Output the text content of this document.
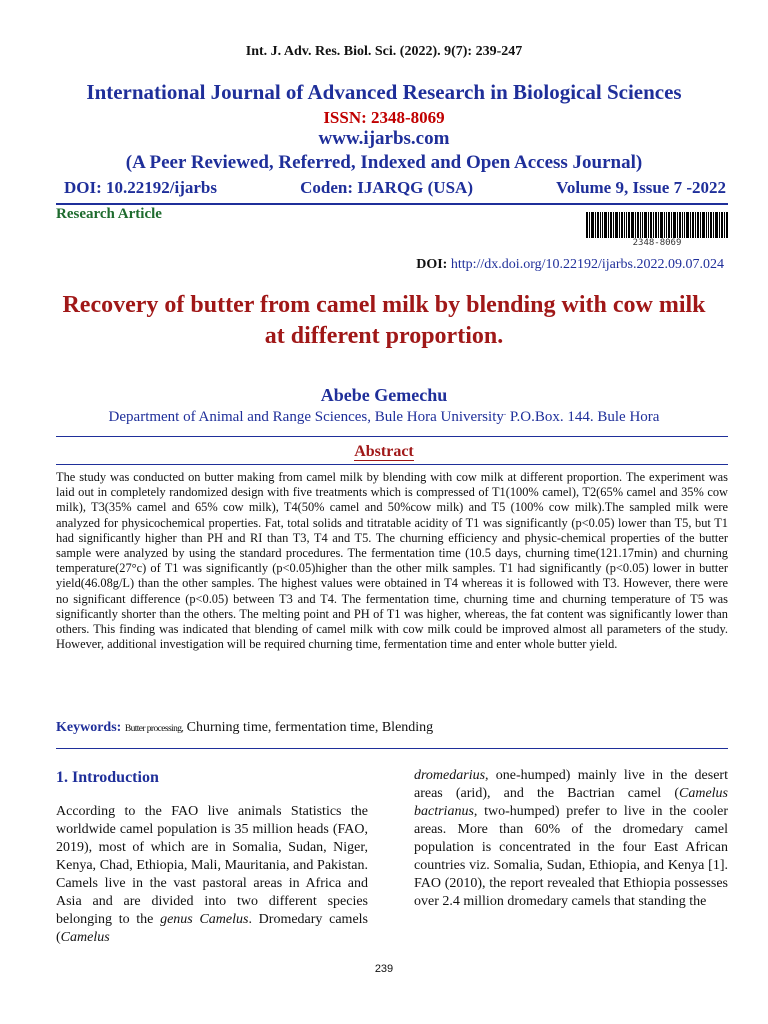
Int. J. Adv. Res. Biol. Sci. (2022). 9(7): 239-247
International Journal of Advanced Research in Biological Sciences
ISSN: 2348-8069
www.ijarbs.com
(A Peer Reviewed, Referred, Indexed and Open Access Journal)
DOI: 10.22192/ijarbs	Coden: IJARQG (USA)	Volume 9, Issue 7 -2022
Research Article
2348-8069
DOI: http://dx.doi.org/10.22192/ijarbs.2022.09.07.024
Recovery of butter from camel milk by blending with cow milk at different proportion.
Abebe Gemechu
Department of Animal and Range Sciences, Bule Hora University. P.O.Box. 144. Bule Hora
Abstract

The study was conducted on butter making from camel milk by blending with cow milk at different proportion. The experiment was laid out in completely randomized design with five treatments which is compressed of T1(100% camel), T2(65% camel and 35% cow milk), T3(35% camel and 65% cow milk), T4(50% camel and 50%cow milk) and T5 (100% cow milk).The sampled milk were analyzed for physicochemical properties. Fat, total solids and titratable acidity of T1 was significantly (p<0.05) lower than T5, but T1 had significantly higher than PH and RI than T3, T4 and T5. The churning efficiency and physic-chemical properties of the butter sample were analyzed by using the standard procedures. The fermentation time (10.5 days, churning time(121.17min) and churning temperature(27°c) of T1 was significantly (p<0.05)higher than the other milk samples. T1 had significantly (p<0.05) lower in butter yield(46.08g/L) than the other samples. The highest values were obtained in T4 whereas it is followed with T3. However, there were no significant difference (p<0.05) between T3 and T4. The fermentation time, churning time and churning temperature of T5 was significantly shorter than the others. The melting point and PH of T1 was higher, whereas, the fat content was significantly lower than others. This finding was indicated that blending of camel milk with cow milk could be improved almost all parameters of the study. However, additional investigation will be required churning time, fermentation time and enter whole butter yield.

Keywords: Butter processing, Churning time, fermentation time, Blending
1. Introduction

According to the FAO live animals Statistics the worldwide camel population is 35 million heads (FAO, 2019), most of which are in Somalia, Sudan, Niger, Kenya, Chad, Ethiopia, Mali, Mauritania, and Pakistan. Camels live in the vast pastoral areas in Africa and Asia and are divided into two different species belonging to the genus Camelus. Dromedary camels (Camelus

dromedarius, one-humped) mainly live in the desert areas (arid), and the Bactrian camel (Camelus bactrianus, two-humped) prefer to live in the cooler areas. More than 60% of the dromedary camel population is concentrated in the four East African countries viz. Somalia, Sudan, Ethiopia, and Kenya [1]. FAO (2010), the report revealed that Ethiopia possesses over 2.4 million dromedary camels that standing the

239
